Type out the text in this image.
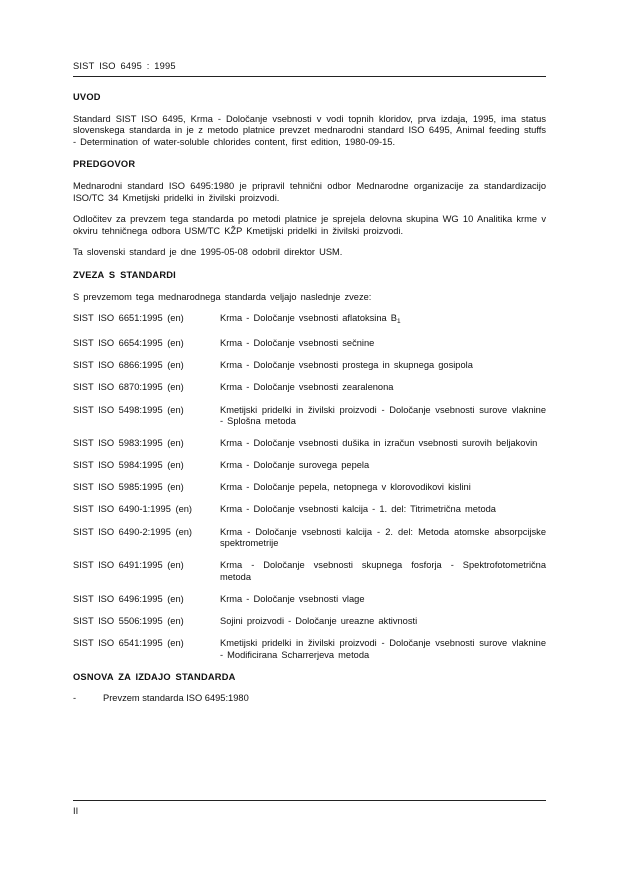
SIST ISO 6495 : 1995
UVOD
Standard SIST ISO 6495, Krma - Določanje vsebnosti v vodi topnih kloridov, prva izdaja, 1995, ima status slovenskega standarda in je z metodo platnice prevzet mednarodni standard ISO 6495, Animal feeding stuffs - Determination of water-soluble chlorides content, first edition, 1980-09-15.
PREDGOVOR
Mednarodni standard ISO 6495:1980 je pripravil tehnični odbor Mednarodne organizacije za standardizacijo ISO/TC 34 Kmetijski pridelki in živilski proizvodi.
Odločitev za prevzem tega standarda po metodi platnice je sprejela delovna skupina WG 10 Analitika krme v okviru tehničnega odbora USM/TC KŽP Kmetijski pridelki in živilski proizvodi.
Ta slovenski standard je dne 1995-05-08 odobril direktor USM.
ZVEZA S STANDARDI
S prevzemom tega mednarodnega standarda veljajo naslednje zveze:
SIST ISO 6651:1995 (en)	Krma - Določanje vsebnosti aflatoksina $B_1$
SIST ISO 6654:1995 (en)	Krma - Določanje vsebnosti sečnine
SIST ISO 6866:1995 (en)	Krma - Določanje vsebnosti prostega in skupnega gosipola
SIST ISO 6870:1995 (en)	Krma - Določanje vsebnosti zearalenona
SIST ISO 5498:1995 (en)	Kmetijski pridelki in živilski proizvodi - Določanje vsebnosti surove vlaknine - Splošna metoda
SIST ISO 5983:1995 (en)	Krma - Določanje vsebnosti dušika in izračun vsebnosti surovih beljakovin
SIST ISO 5984:1995 (en)	Krma - Določanje surovega pepela
SIST ISO 5985:1995 (en)	Krma - Določanje pepela, netopnega v klorovodikovi kislini
SIST ISO 6490-1:1995 (en)	Krma - Določanje vsebnosti kalcija - 1. del: Titrimetrična metoda
SIST ISO 6490-2:1995 (en)	Krma - Določanje vsebnosti kalcija - 2. del: Metoda atomske absorpcijske spektrometrije
SIST ISO 6491:1995 (en)	Krma - Določanje vsebnosti skupnega fosforja - Spektrofotometrična metoda
SIST ISO 6496:1995 (en)	Krma - Določanje vsebnosti vlage
SIST ISO 5506:1995 (en)	Sojini proizvodi - Določanje ureazne aktivnosti
SIST ISO 6541:1995 (en)	Kmetijski pridelki in živilski proizvodi - Določanje vsebnosti surove vlaknine - Modificirana Scharrerjeva metoda
OSNOVA ZA IZDAJO STANDARDA
-	Prevzem standarda ISO 6495:1980
II
